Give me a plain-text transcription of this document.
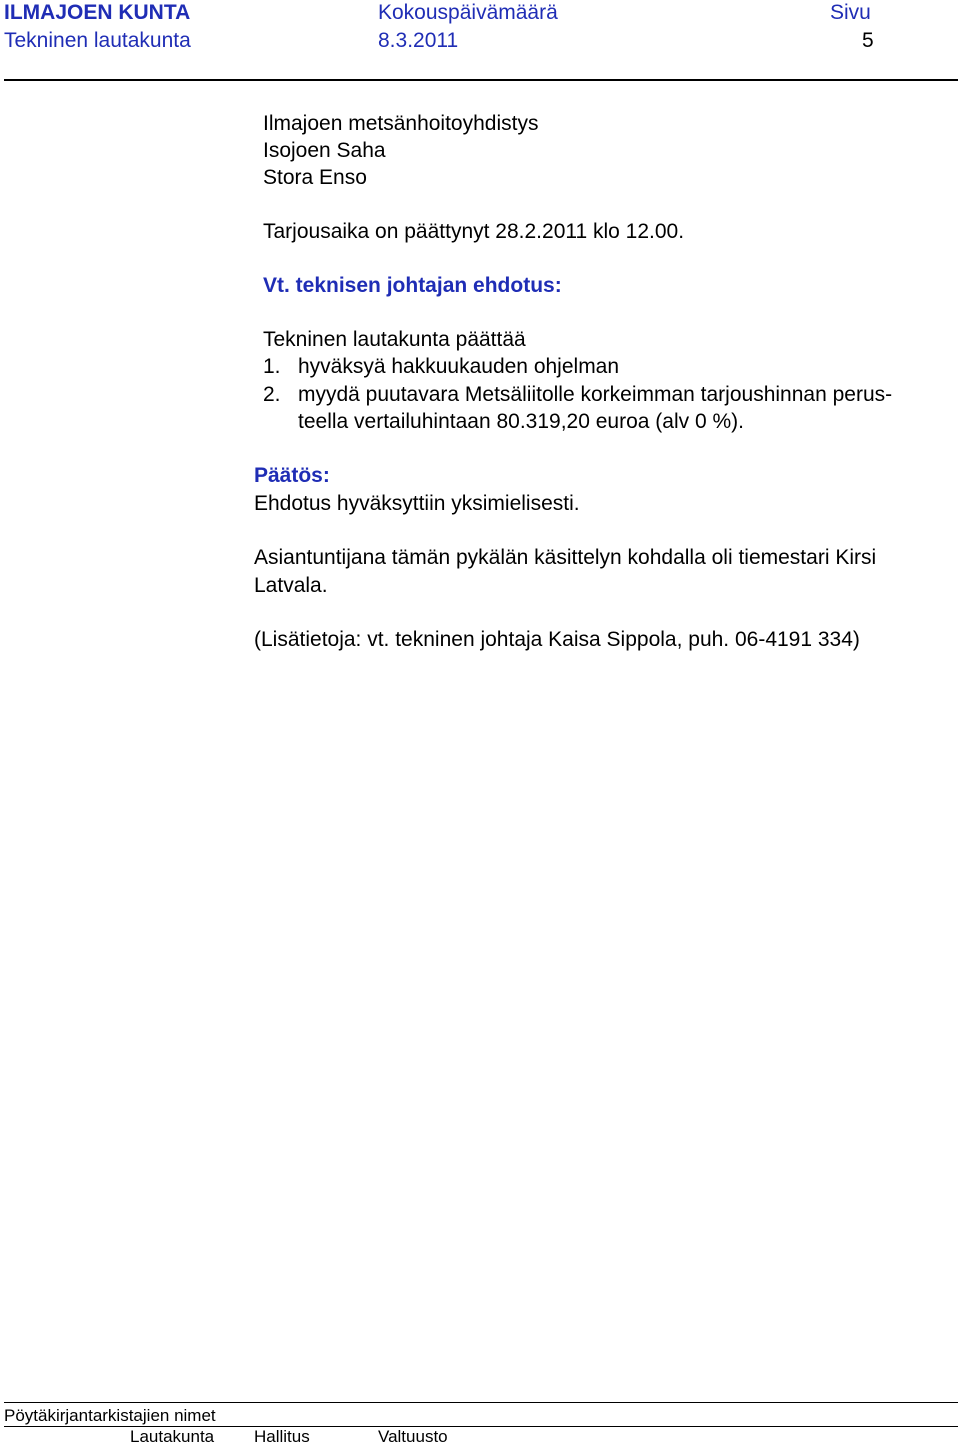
ILMAJOEN KUNTA
Tekninen lautakunta
Kokouspäivämäärä
8.3.2011
Sivu
5
Ilmajoen metsänhoitoyhdistys
Isojoen Saha
Stora Enso
Tarjousaika on päättynyt 28.2.2011 klo 12.00.
Vt. teknisen johtajan ehdotus:
Tekninen lautakunta päättää
1. hyväksyä hakkuukauden ohjelman
2. myydä puutavara Metsäliitolle korkeimman tarjoushinnan perus-
teella vertailuhintaan 80.319,20 euroa (alv 0 %).
Päätös:
Ehdotus hyväksyttiin yksimielisesti.
Asiantuntijana tämän pykälän käsittelyn kohdalla oli tiemestari Kirsi
Latvala.
(Lisätietoja: vt. tekninen johtaja Kaisa Sippola, puh. 06-4191 334)
Pöytäkirjantarkistajien nimet
Lautakunta Hallitus	Valtuusto
